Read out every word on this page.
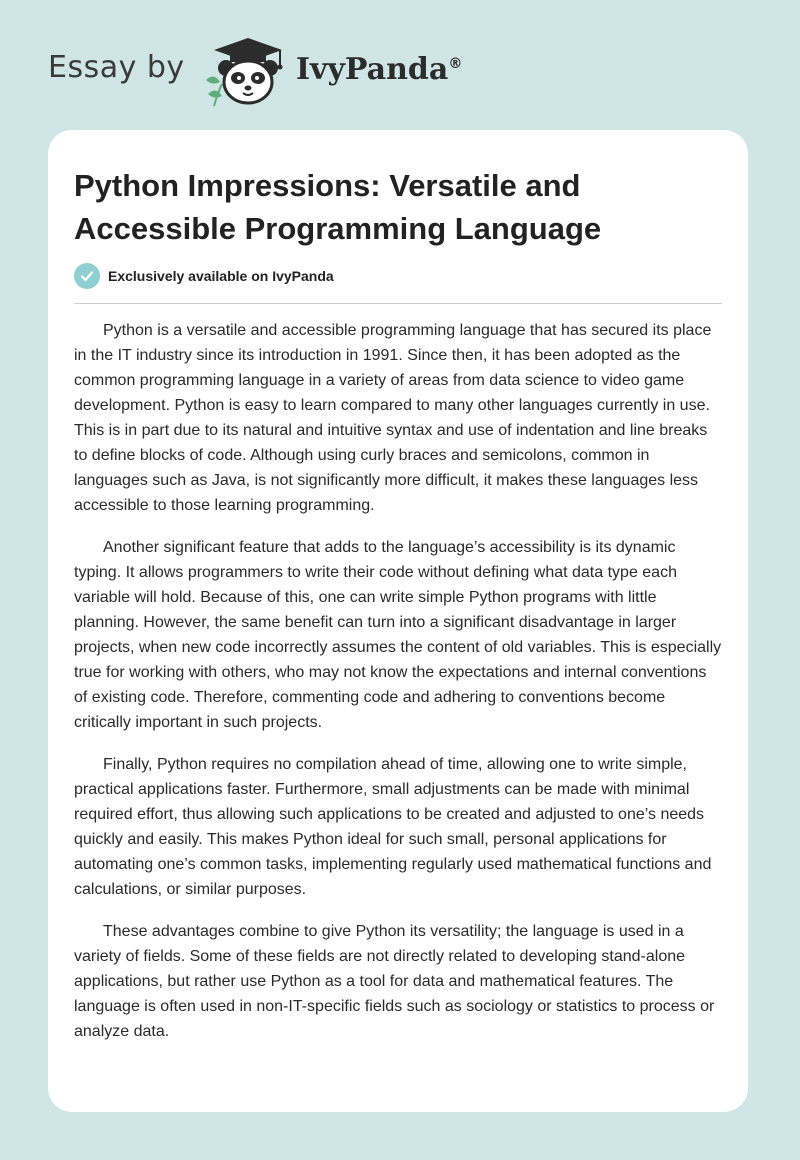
Essay by	IvyPanda®
Python Impressions: Versatile and Accessible Programming Language
Exclusively available on IvyPanda

Python is a versatile and accessible programming language that has secured its place in the IT industry since its introduction in 1991. Since then, it has been adopted as the common programming language in a variety of areas from data science to video game development. Python is easy to learn compared to many other languages currently in use. This is in part due to its natural and intuitive syntax and use of indentation and line breaks to define blocks of code. Although using curly braces and semicolons, common in languages such as Java, is not significantly more difficult, it makes these languages less accessible to those learning programming.

Another significant feature that adds to the language’s accessibility is its dynamic typing. It allows programmers to write their code without defining what data type each variable will hold. Because of this, one can write simple Python programs with little planning. However, the same benefit can turn into a significant disadvantage in larger projects, when new code incorrectly assumes the content of old variables. This is especially true for working with others, who may not know the expectations and internal conventions of existing code. Therefore, commenting code and adhering to conventions become critically important in such projects.

Finally, Python requires no compilation ahead of time, allowing one to write simple, practical applications faster. Furthermore, small adjustments can be made with minimal required effort, thus allowing such applications to be created and adjusted to one’s needs quickly and easily. This makes Python ideal for such small, personal applications for automating one’s common tasks, implementing regularly used mathematical functions and calculations, or similar purposes.

These advantages combine to give Python its versatility; the language is used in a variety of fields. Some of these fields are not directly related to developing stand-alone applications, but rather use Python as a tool for data and mathematical features. The language is often used in non-IT-specific fields such as sociology or statistics to process or analyze data.
